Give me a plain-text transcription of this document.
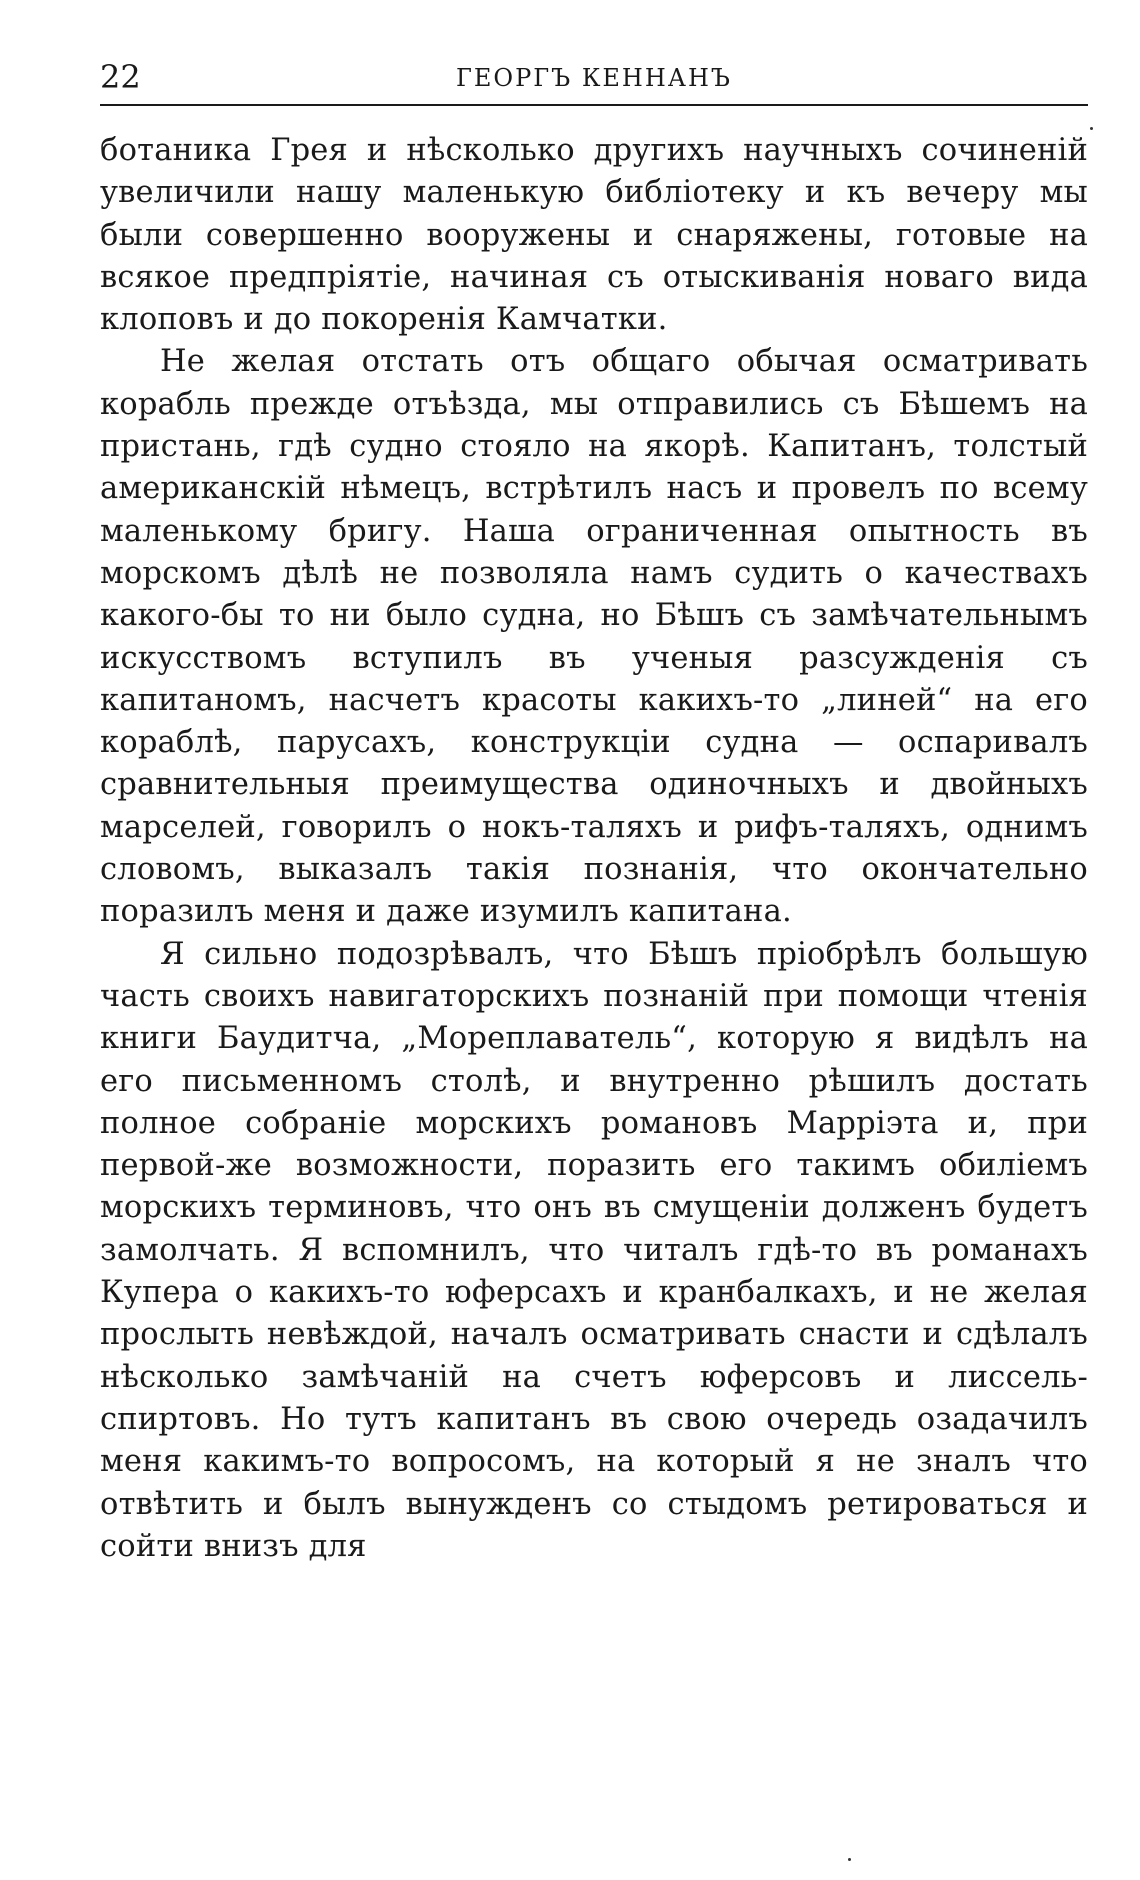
22	ГЕОРГЪ КЕННАНЪ

ботаника Грея и нѣсколько другихъ научныхъ сочиненій увеличили нашу маленькую библіотеку и къ вечеру мы были совершенно вооружены и снаряжены, готовые на всякое предпріятіе, начиная съ отыскиванія новаго вида клоповъ и до покоренія Камчатки.

Не желая отстать отъ общаго обычая осматривать корабль прежде отъѣзда, мы отправились съ Бѣшемъ на пристань, гдѣ судно стояло на якорѣ. Капитанъ, толстый американскій нѣмецъ, встрѣтилъ насъ и провелъ по всему маленькому бригу. Наша ограниченная опытность въ морскомъ дѣлѣ не позволяла намъ судить о качествахъ какого-бы то ни было судна, но Бѣшъ съ замѣчательнымъ искусствомъ вступилъ въ ученыя разсужденія съ капитаномъ, насчетъ красоты какихъ-то „линей“ на его кораблѣ, парусахъ, конструкціи судна — оспаривалъ сравнительныя преимущества одиночныхъ и двойныхъ марселей, говорилъ о нокъ-таляхъ и рифъ-таляхъ, однимъ словомъ, выказалъ такія познанія, что окончательно поразилъ меня и даже изумилъ капитана.

Я сильно подозрѣвалъ, что Бѣшъ пріобрѣлъ большую часть своихъ навигаторскихъ познаній при помощи чтенія книги Баудитча, „Мореплаватель“, которую я видѣлъ на его письменномъ столѣ, и внутренно рѣшилъ достать полное собраніе морскихъ романовъ Марріэта и, при первой-же возможности, поразить его такимъ обиліемъ морскихъ терминовъ, что онъ въ смущеніи долженъ будетъ замолчать. Я вспомнилъ, что читалъ гдѣ-то въ романахъ Купера о какихъ-то юферсахъ и кранбалкахъ, и не желая прослыть невѣждой, началъ осматривать снасти и сдѣлалъ нѣсколько замѣчаній на счетъ юферсовъ и лиссель-спиртовъ. Но тутъ капитанъ въ свою очередь озадачилъ меня какимъ-то вопросомъ, на который я не зналъ что отвѣтить и былъ вынужденъ со стыдомъ ретироваться и сойти внизъ для
